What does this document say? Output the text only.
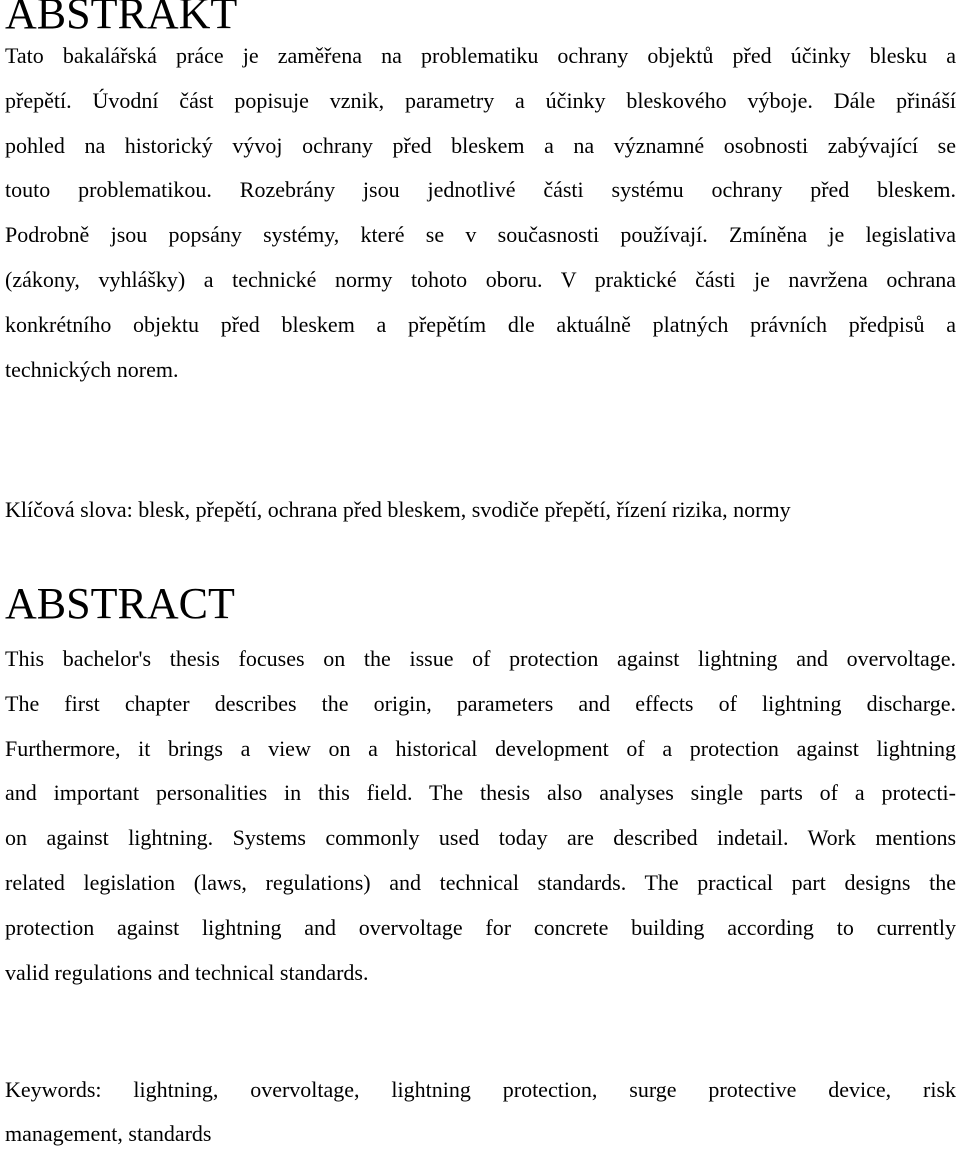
ABSTRAKT
Tato bakalářská práce je zaměřena na problematiku ochrany objektů před účinky blesku a
přepětí. Úvodní část popisuje vznik, parametry a účinky bleskového výboje. Dále přináší
pohled na historický vývoj ochrany před bleskem a na významné osobnosti zabývající se
touto problematikou. Rozebrány jsou jednotlivé části systému ochrany před bleskem.
Podrobně jsou popsány systémy, které se v současnosti používají. Zmíněna je legislativa
(zákony, vyhlášky) a technické normy tohoto oboru. V praktické části je navržena ochrana
konkrétního objektu před bleskem a přepětím dle aktuálně platných právních předpisů a
technických norem.

Klíčová slova: blesk, přepětí, ochrana před bleskem, svodiče přepětí, řízení rizika, normy

ABSTRACT
This bachelor's thesis focuses on the issue of protection against lightning and overvoltage.
The first chapter describes the origin, parameters and effects of lightning discharge.
Furthermore, it brings a view on a historical development of a protection against lightning
and important personalities in this field. The thesis also analyses single parts of a protecti-
on against lightning. Systems commonly used today are described indetail. Work mentions
related legislation (laws, regulations) and technical standards. The practical part designs the
protection against lightning and overvoltage for concrete building according to currently
valid regulations and technical standards.
Keywords: lightning, overvoltage, lightning protection, surge protective device, risk
management, standards
